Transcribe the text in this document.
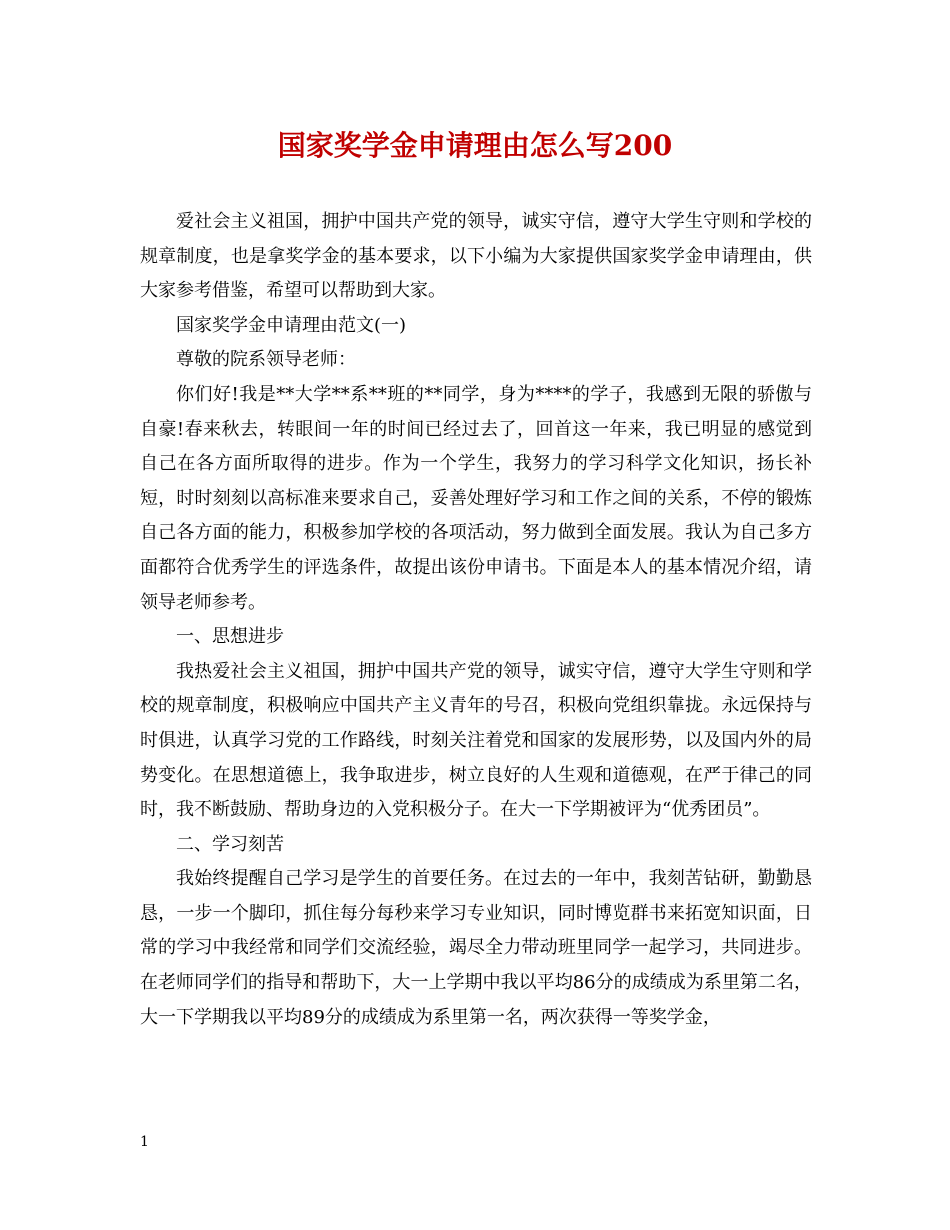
国家奖学金申请理由怎么写200

爱社会主义祖国，拥护中国共产党的领导，诚实守信，遵守大学生守则和学校的规章制度，也是拿奖学金的基本要求，以下小编为大家提供国家奖学金申请理由，供大家参考借鉴，希望可以帮助到大家。

国家奖学金申请理由范文(一)

尊敬的院系领导老师：

你们好!我是**大学**系**班的**同学，身为****的学子，我感到无限的骄傲与自豪!春来秋去，转眼间一年的时间已经过去了，回首这一年来，我已明显的感觉到自己在各方面所取得的进步。作为一个学生，我努力的学习科学文化知识，扬长补短，时时刻刻以高标准来要求自己，妥善处理好学习和工作之间的关系，不停的锻炼自己各方面的能力，积极参加学校的各项活动，努力做到全面发展。我认为自己多方面都符合优秀学生的评选条件，故提出该份申请书。下面是本人的基本情况介绍，请领导老师参考。

一、思想进步

我热爱社会主义祖国，拥护中国共产党的领导，诚实守信，遵守大学生守则和学校的规章制度，积极响应中国共产主义青年的号召，积极向党组织靠拢。永远保持与时俱进，认真学习党的工作路线，时刻关注着党和国家的发展形势，以及国内外的局势变化。在思想道德上，我争取进步，树立良好的人生观和道德观，在严于律己的同时，我不断鼓励、帮助身边的入党积极分子。在大一下学期被评为“优秀团员”。

二、学习刻苦

我始终提醒自己学习是学生的首要任务。在过去的一年中，我刻苦钻研，勤勤恳恳，一步一个脚印，抓住每分每秒来学习专业知识，同时博览群书来拓宽知识面，日常的学习中我经常和同学们交流经验，竭尽全力带动班里同学一起学习，共同进步。在老师同学们的指导和帮助下，大一上学期中我以平均86分的成绩成为系里第二名，大一下学期我以平均89分的成绩成为系里第一名，两次获得一等奖学金，

1
